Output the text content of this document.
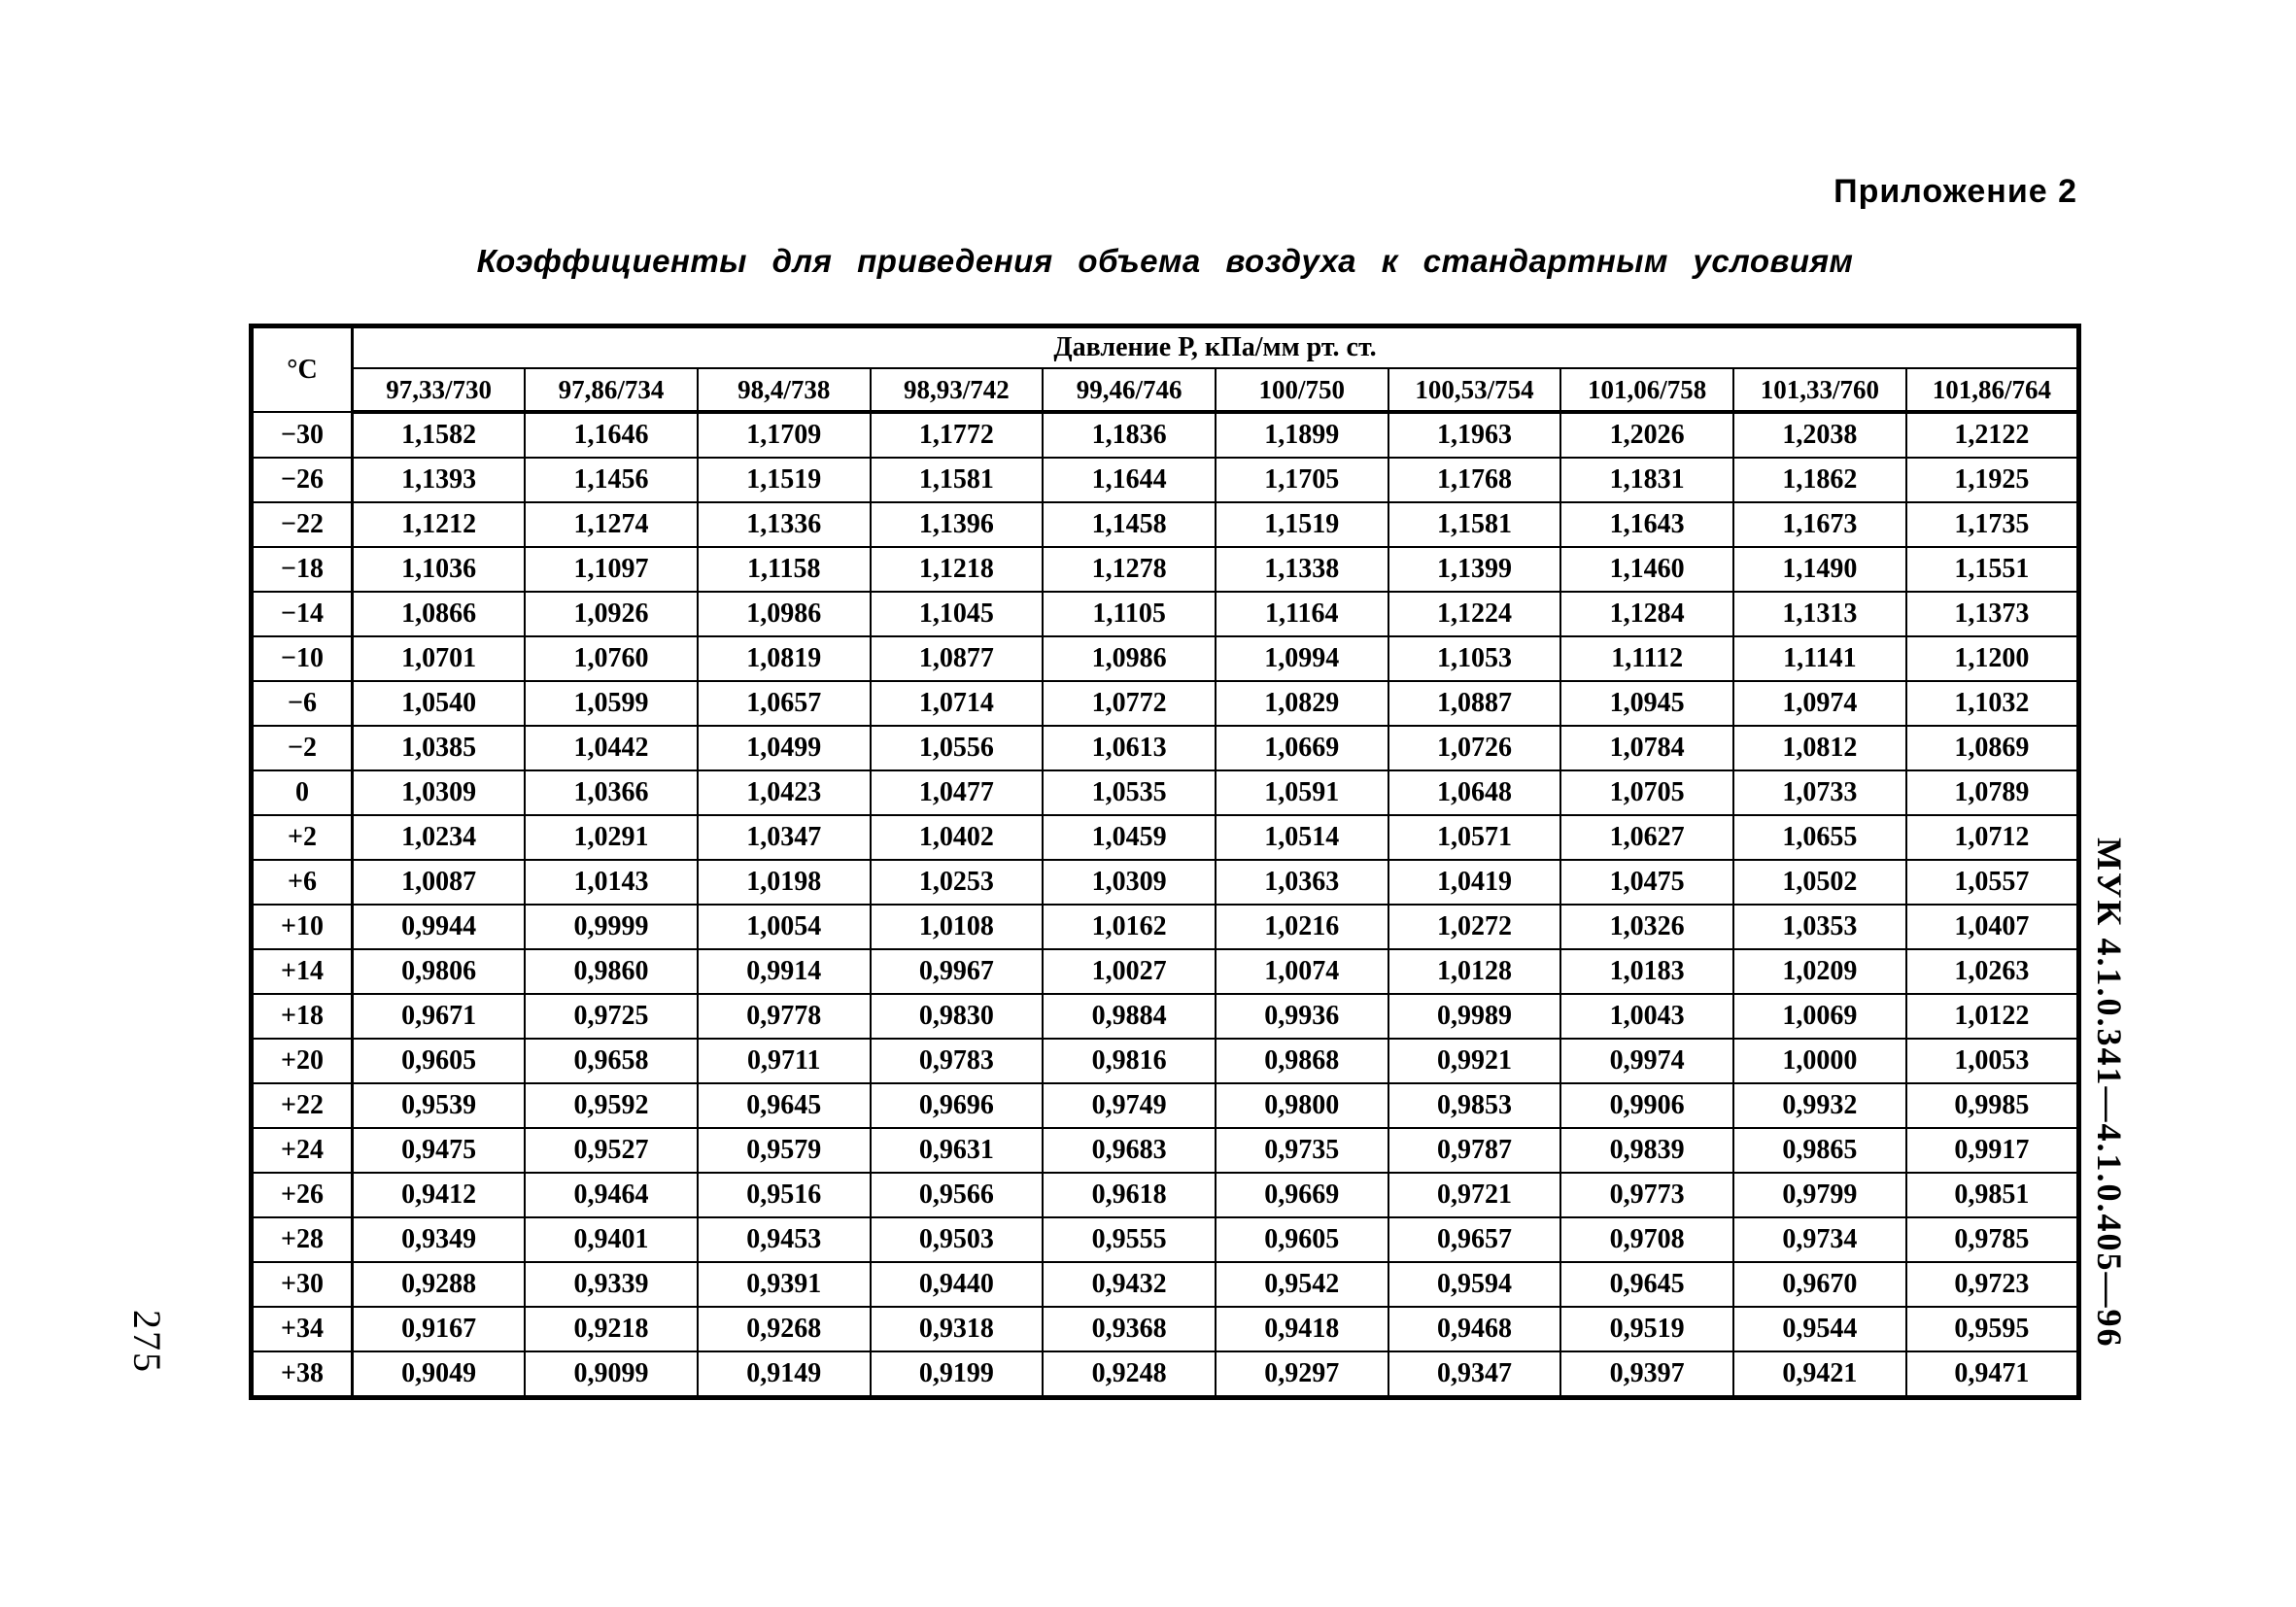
Приложение 2
Коэффициенты для приведения объема воздуха к стандартным условиям
°С	Давление Р, кПа/мм рт. ст.									
	97,33/730	97,86/734	98,4/738	98,93/742	99,46/746	100/750	100,53/754	101,06/758	101,33/760	101,86/764
−30	1,1582	1,1646	1,1709	1,1772	1,1836	1,1899	1,1963	1,2026	1,2038	1,2122
−26	1,1393	1,1456	1,1519	1,1581	1,1644	1,1705	1,1768	1,1831	1,1862	1,1925
−22	1,1212	1,1274	1,1336	1,1396	1,1458	1,1519	1,1581	1,1643	1,1673	1,1735
−18	1,1036	1,1097	1,1158	1,1218	1,1278	1,1338	1,1399	1,1460	1,1490	1,1551
−14	1,0866	1,0926	1,0986	1,1045	1,1105	1,1164	1,1224	1,1284	1,1313	1,1373
−10	1,0701	1,0760	1,0819	1,0877	1,0986	1,0994	1,1053	1,1112	1,1141	1,1200
−6	1,0540	1,0599	1,0657	1,0714	1,0772	1,0829	1,0887	1,0945	1,0974	1,1032
−2	1,0385	1,0442	1,0499	1,0556	1,0613	1,0669	1,0726	1,0784	1,0812	1,0869
0	1,0309	1,0366	1,0423	1,0477	1,0535	1,0591	1,0648	1,0705	1,0733	1,0789
+2	1,0234	1,0291	1,0347	1,0402	1,0459	1,0514	1,0571	1,0627	1,0655	1,0712
+6	1,0087	1,0143	1,0198	1,0253	1,0309	1,0363	1,0419	1,0475	1,0502	1,0557
+10	0,9944	0,9999	1,0054	1,0108	1,0162	1,0216	1,0272	1,0326	1,0353	1,0407
+14	0,9806	0,9860	0,9914	0,9967	1,0027	1,0074	1,0128	1,0183	1,0209	1,0263
+18	0,9671	0,9725	0,9778	0,9830	0,9884	0,9936	0,9989	1,0043	1,0069	1,0122
+20	0,9605	0,9658	0,9711	0,9783	0,9816	0,9868	0,9921	0,9974	1,0000	1,0053
+22	0,9539	0,9592	0,9645	0,9696	0,9749	0,9800	0,9853	0,9906	0,9932	0,9985
+24	0,9475	0,9527	0,9579	0,9631	0,9683	0,9735	0,9787	0,9839	0,9865	0,9917
+26	0,9412	0,9464	0,9516	0,9566	0,9618	0,9669	0,9721	0,9773	0,9799	0,9851
+28	0,9349	0,9401	0,9453	0,9503	0,9555	0,9605	0,9657	0,9708	0,9734	0,9785
+30	0,9288	0,9339	0,9391	0,9440	0,9432	0,9542	0,9594	0,9645	0,9670	0,9723
+34	0,9167	0,9218	0,9268	0,9318	0,9368	0,9418	0,9468	0,9519	0,9544	0,9595
+38	0,9049	0,9099	0,9149	0,9199	0,9248	0,9297	0,9347	0,9397	0,9421	0,9471
МУК 4.1.0.341—4.1.0.405—96
275
